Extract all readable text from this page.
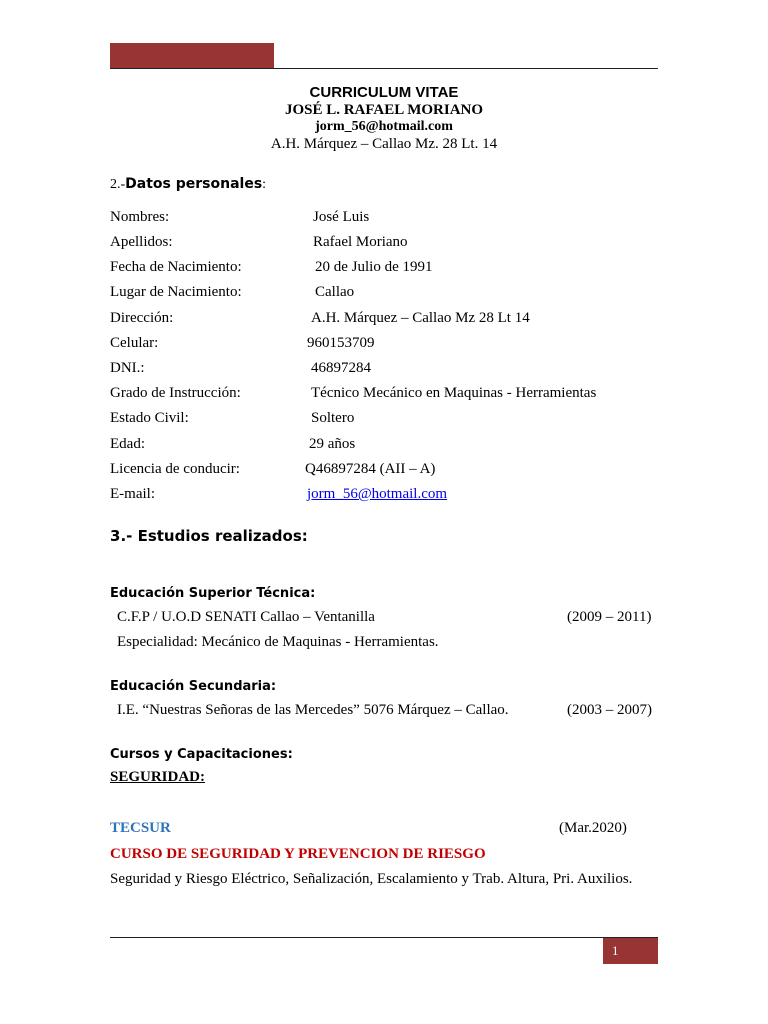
CURRICULUM VITAE
JOSÉ L. RAFAEL MORIANO
jorm_56@hotmail.com
A.H. Márquez – Callao Mz. 28 Lt. 14
2.-Datos personales:
Nombres:	José Luis
Apellidos:	Rafael Moriano
Fecha de Nacimiento:	20 de Julio de 1991
Lugar de Nacimiento:	Callao
Dirección:	A.H. Márquez – Callao Mz 28 Lt 14
Celular:	960153709
DNI.:	46897284
Grado de Instrucción:	Técnico Mecánico en Maquinas - Herramientas
Estado Civil:	Soltero
Edad:	29 años
Licencia de conducir:	Q46897284 (AII – A)
E-mail:	jorm_56@hotmail.com
3.- Estudios realizados:
Educación Superior Técnica:
C.F.P / U.O.D SENATI Callao – Ventanilla	(2009 – 2011)
Especialidad: Mecánico de Maquinas - Herramientas.
Educación Secundaria:
I.E. “Nuestras Señoras de las Mercedes” 5076 Márquez – Callao.	(2003 – 2007)
Cursos y Capacitaciones:
SEGURIDAD:
TECSUR	(Mar.2020)
CURSO DE SEGURIDAD Y PREVENCION DE RIESGO
Seguridad y Riesgo Eléctrico, Señalización, Escalamiento y Trab. Altura, Pri. Auxilios.
1
